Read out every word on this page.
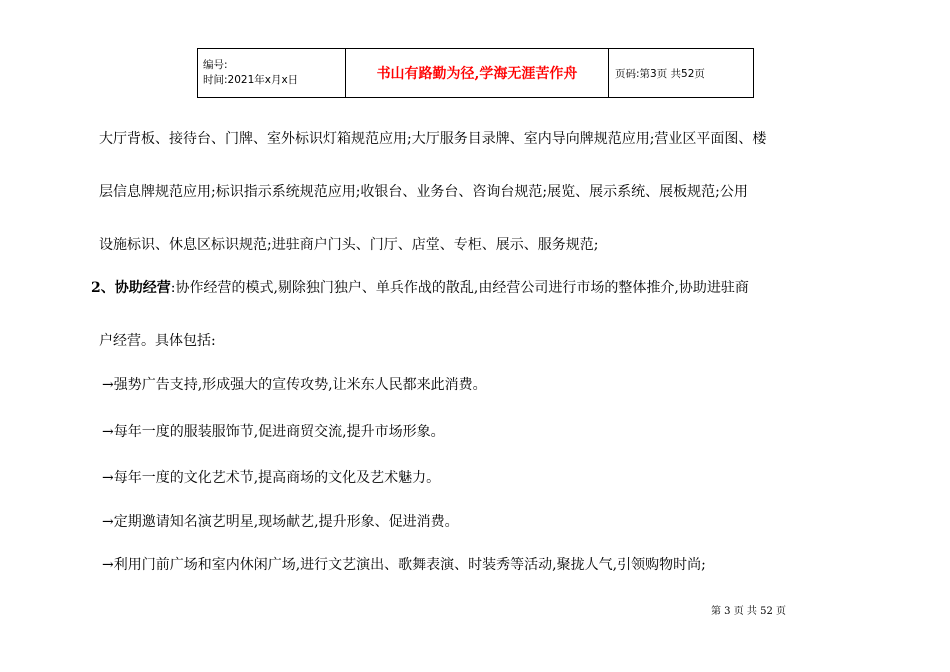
编号:
时间:2021年x月x日	书山有路勤为径,学海无涯苦作舟	页码:第3页 共52页
大厅背板、接待台、门牌、室外标识灯箱规范应用;大厅服务目录牌、室内导向牌规范应用;营业区平面图、楼
层信息牌规范应用;标识指示系统规范应用;收银台、业务台、咨询台规范;展览、展示系统、展板规范;公用
设施标识、休息区标识规范;进驻商户门头、门厅、店堂、专柜、展示、服务规范;
2、协助经营:协作经营的模式,剔除独门独户、单兵作战的散乱,由经营公司进行市场的整体推介,协助进驻商
户经营。具体包括:
→强势广告支持,形成强大的宣传攻势,让米东人民都来此消费。
→每年一度的服装服饰节,促进商贸交流,提升市场形象。
→每年一度的文化艺术节,提高商场的文化及艺术魅力。
→定期邀请知名演艺明星,现场献艺,提升形象、促进消费。
→利用门前广场和室内休闲广场,进行文艺演出、歌舞表演、时装秀等活动,聚拢人气,引领购物时尚;
第 3 页 共 52 页
